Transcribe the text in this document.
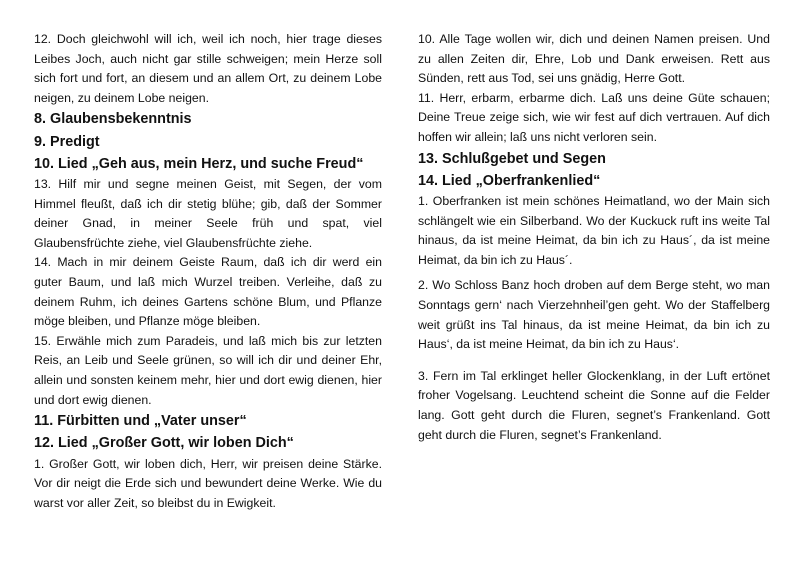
12. Doch gleichwohl will ich, weil ich noch, hier trage dieses Leibes Joch, auch nicht gar stille schweigen; mein Herze soll sich fort und fort, an diesem und an allem Ort, zu deinem Lobe neigen, zu deinem Lobe neigen.

8. Glaubensbekenntnis

9. Predigt

10. Lied „Geh aus, mein Herz, und suche Freud“

13. Hilf mir und segne meinen Geist, mit Segen, der vom Himmel fleußt, daß ich dir stetig blühe; gib, daß der Sommer deiner Gnad, in meiner Seele früh und spat, viel Glaubensfrüchte ziehe, viel Glaubensfrüchte ziehe.

14. Mach in mir deinem Geiste Raum, daß ich dir werd ein guter Baum, und laß mich Wurzel treiben. Verleihe, daß zu deinem Ruhm, ich deines Gartens schöne Blum, und Pflanze möge bleiben, und Pflanze möge bleiben.

15. Erwähle mich zum Paradeis, und laß mich bis zur letzten Reis, an Leib und Seele grünen, so will ich dir und deiner Ehr, allein und sonsten keinem mehr, hier und dort ewig dienen, hier und dort ewig dienen.

11. Fürbitten und „Vater unser“

12. Lied „Großer Gott, wir loben Dich“

1. Großer Gott, wir loben dich, Herr, wir preisen deine Stärke. Vor dir neigt die Erde sich und bewundert deine Werke. Wie du warst vor aller Zeit, so bleibst du in Ewigkeit.

10. Alle Tage wollen wir, dich und deinen Namen preisen. Und zu allen Zeiten dir, Ehre, Lob und Dank erweisen. Rett aus Sünden, rett aus Tod, sei uns gnädig, Herre Gott.

11. Herr, erbarm, erbarme dich. Laß uns deine Güte schauen; Deine Treue zeige sich, wie wir fest auf dich vertrauen. Auf dich hoffen wir allein; laß uns nicht verloren sein.

13. Schlußgebet und Segen

14. Lied „Oberfrankenlied“

1. Oberfranken ist mein schönes Heimatland, wo der Main sich schlängelt wie ein Silberband. Wo der Kuckuck ruft ins weite Tal hinaus, da ist meine Heimat, da bin ich zu Haus´, da ist meine Heimat, da bin ich zu Haus´.

2. Wo Schloss Banz hoch droben auf dem Berge steht, wo man Sonntags gern‘ nach Vierzehnheil’gen geht. Wo der Staffelberg weit grüßt ins Tal hinaus, da ist meine Heimat, da bin ich zu Haus‘, da ist meine Heimat, da bin ich zu Haus‘.

3. Fern im Tal erklinget heller Glockenklang, in der Luft ertönet froher Vogelsang. Leuchtend scheint die Sonne auf die Felder lang. Gott geht durch die Fluren, segnet’s Frankenland. Gott geht durch die Fluren, segnet’s Frankenland.
